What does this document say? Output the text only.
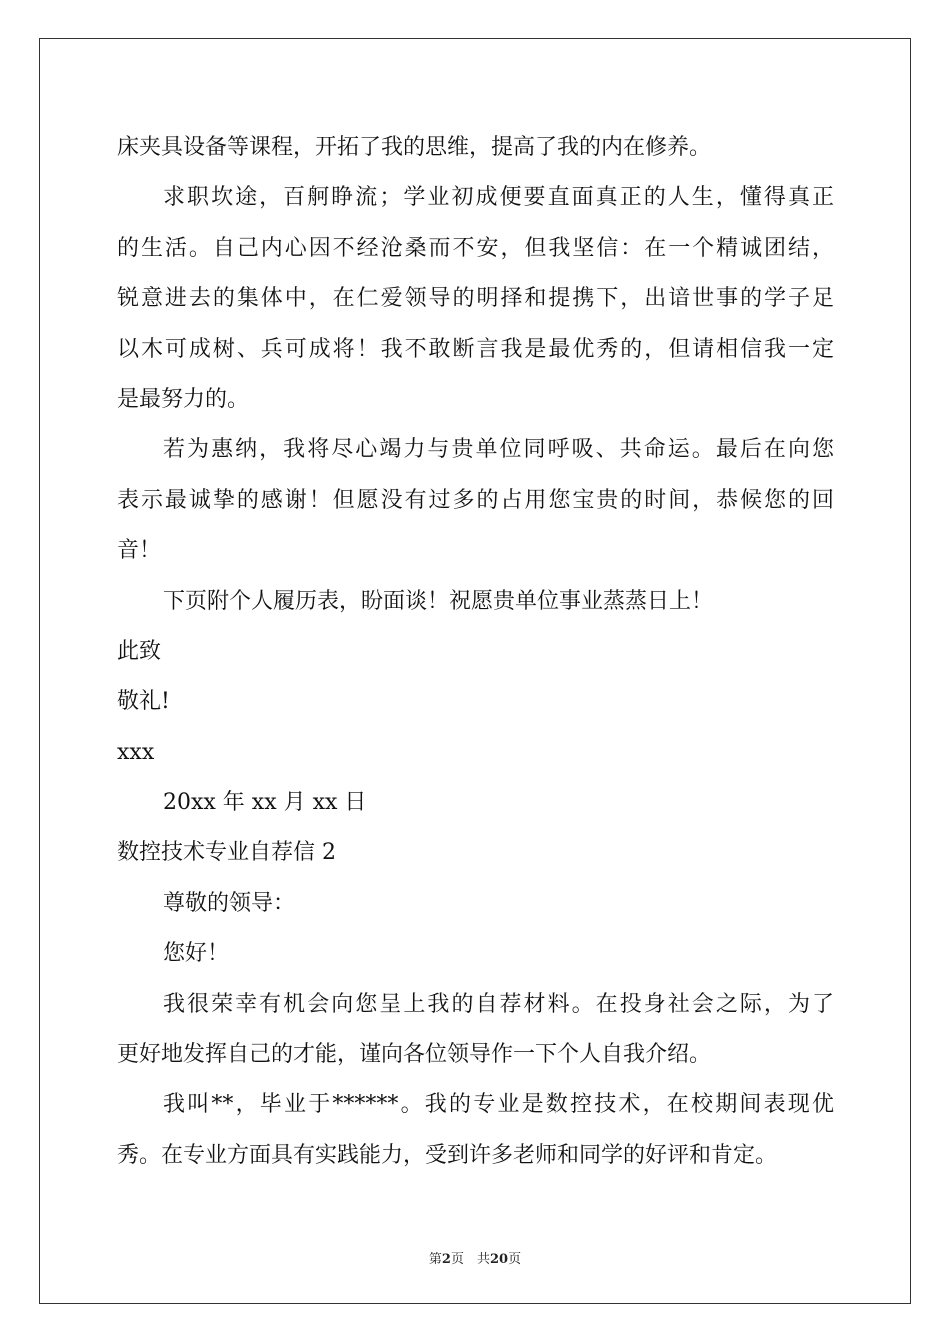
床夹具设备等课程，开拓了我的思维，提高了我的内在修养。
求职坎途，百舸睁流；学业初成便要直面真正的人生，懂得真正
的生活。自己内心因不经沧桑而不安，但我坚信：在一个精诚团结，
锐意进去的集体中，在仁爱领导的明择和提携下，出谙世事的学子足
以木可成树、兵可成将！我不敢断言我是最优秀的，但请相信我一定
是最努力的。
若为惠纳，我将尽心竭力与贵单位同呼吸、共命运。最后在向您
表示最诚挚的感谢！但愿没有过多的占用您宝贵的时间，恭候您的回
音！
下页附个人履历表，盼面谈！祝愿贵单位事业蒸蒸日上！
此致
敬礼!
xxx
20xx 年 xx 月 xx 日
数控技术专业自荐信 2
尊敬的领导：
您好！
我很荣幸有机会向您呈上我的自荐材料。在投身社会之际，为了
更好地发挥自己的才能，谨向各位领导作一下个人自我介绍。
我叫**，毕业于******。我的专业是数控技术，在校期间表现优
秀。在专业方面具有实践能力，受到许多老师和同学的好评和肯定。
第2页　共20页
